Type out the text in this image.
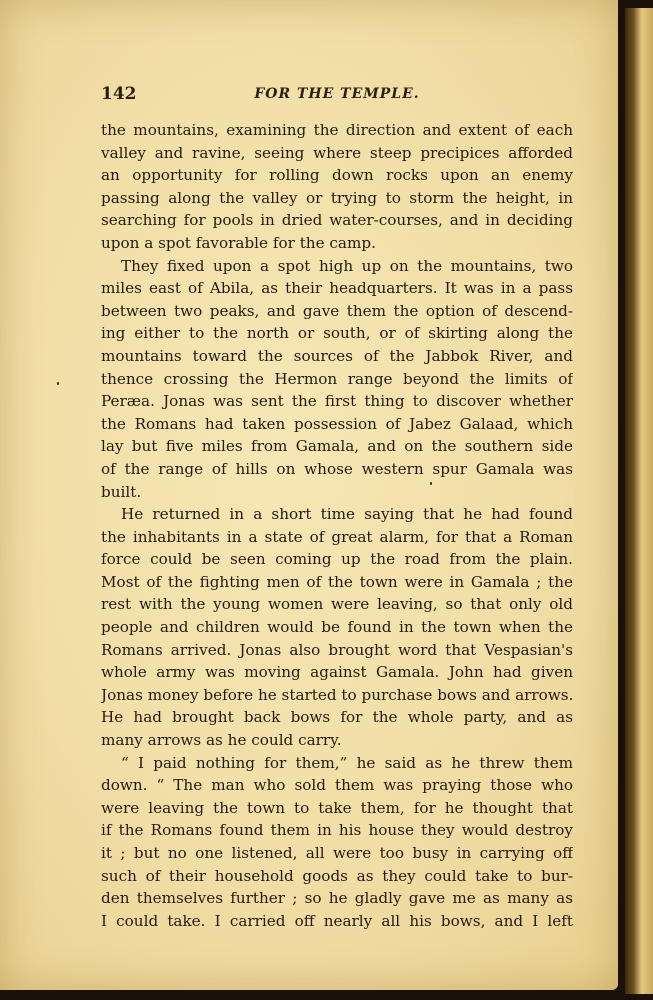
142	FOR THE TEMPLE.
the mountains, examining the direction and extent of each
valley and ravine, seeing where steep precipices afforded
an opportunity for rolling down rocks upon an enemy
passing along the valley or trying to storm the height, in
searching for pools in dried water-courses, and in deciding
upon a spot favorable for the camp.
They fixed upon a spot high up on the mountains, two
miles east of Abila, as their headquarters. It was in a pass
between two peaks, and gave them the option of descend-
ing either to the north or south, or of skirting along the
mountains toward the sources of the Jabbok River, and
thence crossing the Hermon range beyond the limits of
Peræa. Jonas was sent the first thing to discover whether
the Romans had taken possession of Jabez Galaad, which
lay but five miles from Gamala, and on the southern side
of the range of hills on whose western spur Gamala was
built.
He returned in a short time saying that he had found
the inhabitants in a state of great alarm, for that a Roman
force could be seen coming up the road from the plain.
Most of the fighting men of the town were in Gamala ; the
rest with the young women were leaving, so that only old
people and children would be found in the town when the
Romans arrived. Jonas also brought word that Vespasian's
whole army was moving against Gamala. John had given
Jonas money before he started to purchase bows and arrows.
He had brought back bows for the whole party, and as
many arrows as he could carry.
“ I paid nothing for them,” he said as he threw them
down. “ The man who sold them was praying those who
were leaving the town to take them, for he thought that
if the Romans found them in his house they would destroy
it ; but no one listened, all were too busy in carrying off
such of their household goods as they could take to bur-
den themselves further ; so he gladly gave me as many as
I could take. I carried off nearly all his bows, and I left
